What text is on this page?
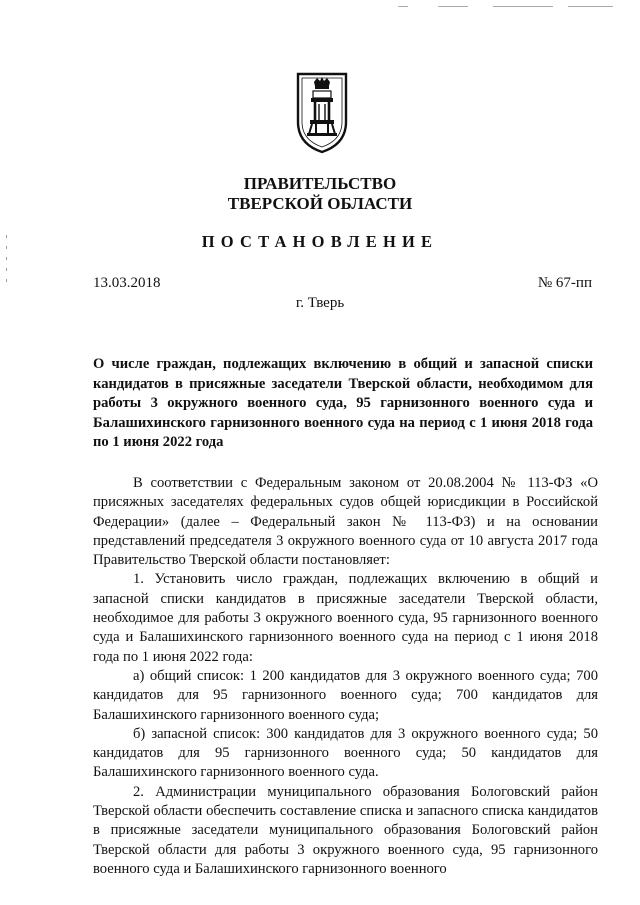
ПРАВИТЕЛЬСТВО
ТВЕРСКОЙ ОБЛАСТИ
ПОСТАНОВЛЕНИЕ
13.03.2018	№ 67-пп
г. Тверь
О числе граждан, подлежащих включению в общий и запасной списки кандидатов в присяжные заседатели Тверской области, необходимом для работы 3 окружного военного суда, 95 гарнизонного военного суда и Балашихинского гарнизонного военного суда на период с 1 июня 2018 года по 1 июня 2022 года

В соответствии с Федеральным законом от 20.08.2004 № 113-ФЗ «О присяжных заседателях федеральных судов общей юрисдикции в Российской Федерации» (далее – Федеральный закон № 113-ФЗ) и на основании представлений председателя 3 окружного военного суда от 10 августа 2017 года Правительство Тверской области постановляет:

1. Установить число граждан, подлежащих включению в общий и запасной списки кандидатов в присяжные заседатели Тверской области, необходимое для работы 3 окружного военного суда, 95 гарнизонного военного суда и Балашихинского гарнизонного военного суда на период с 1 июня 2018 года по 1 июня 2022 года:

а) общий список: 1 200 кандидатов для 3 окружного военного суда; 700 кандидатов для 95 гарнизонного военного суда; 700 кандидатов для Балашихинского гарнизонного военного суда;

б) запасной список: 300 кандидатов для 3 окружного военного суда; 50 кандидатов для 95 гарнизонного военного суда; 50 кандидатов для Балашихинского гарнизонного военного суда.

2. Администрации муниципального образования Бологовский район Тверской области обеспечить составление списка и запасного списка кандидатов в присяжные заседатели муниципального образования Бологовский район Тверской области для работы 3 окружного военного суда, 95 гарнизонного военного суда и Балашихинского гарнизонного военного
